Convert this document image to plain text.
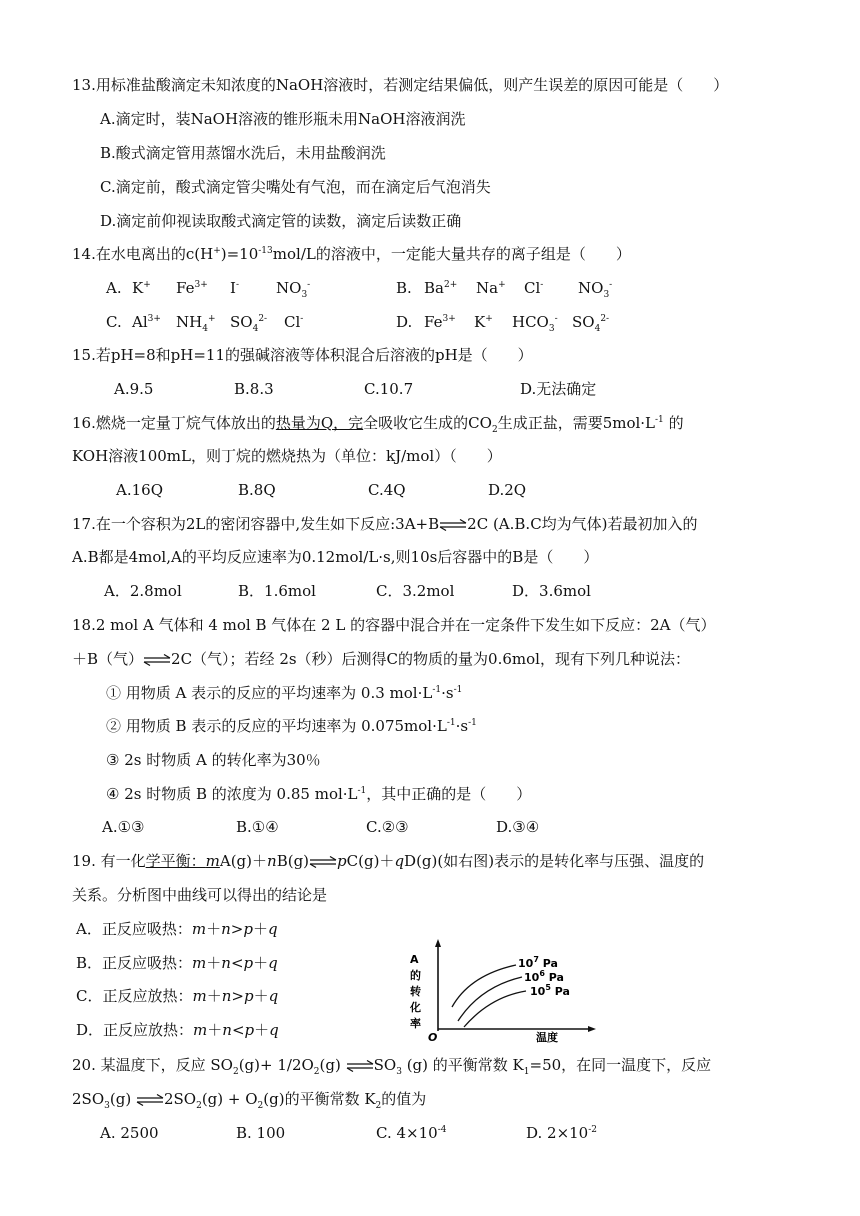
13.用标准盐酸滴定未知浓度的NaOH溶液时，若测定结果偏低，则产生误差的原因可能是（　　）
A.滴定时，装NaOH溶液的锥形瓶未用NaOH溶液润洗
B.酸式滴定管用蒸馏水洗后，未用盐酸润洗
C.滴定前，酸式滴定管尖嘴处有气泡，而在滴定后气泡消失
D.滴定前仰视读取酸式滴定管的读数，滴定后读数正确
14.在水电离出的$c(H^+)=10^{-13}mol/L$的溶液中，一定能大量共存的离子组是（　　）
A. K+ $Fe^{3+}$ I- $NO_3^-$	B. $Ba^{2+}$ Na+ Cl- $NO_3^-$
C. $Al^{3+}$ $NH_4^+$ $SO_4^{2-}$ Cl-	D. $Fe^{3+}$ K+ $HCO_3^-$ $SO_4^{2-}$
15.若pH=8和pH=11的强碱溶液等体积混合后溶液的pH是（　　）
A.9.5	B.8.3	C.10.7	D.无法确定
16.燃烧一定量丁烷气体放出的热量为Q，完全吸收它生成的$CO_2$生成正盐，需要$5mol\cdot L^{-1}$ 的
KOH溶液100mL，则丁烷的燃烧热为（单位：kJ/mol）（　　）
A.16Q	B.8Q	C.4Q	D.2Q
17.在一个容积为2L的密闭容器中,发生如下反应:3A+B 2C (A.B.C均为气体)若最初加入的
A.B都是4mol,A的平均反应速率为0.12mol/L·s,则10s后容器中的B是（　　）
A．2.8mol	B．1.6mol	C．3.2mol	D．3.6mol
18.2 mol A 气体和 4 mol B 气体在 2 L 的容器中混合并在一定条件下发生如下反应：2A（气）
＋B（气） 2C（气）；若经 2s（秒）后测得C的物质的量为0.6mol，现有下列几种说法：
① 用物质 A 表示的反应的平均速率为 0.3 $mol\cdot L^{-1}\cdot s^{-1}$
② 用物质 B 表示的反应的平均速率为 $0.075mol\cdot L^{-1}\cdot s^{-1}$
③ 2s 时物质 A 的转化率为30％
④ 2s 时物质 B 的浓度为 0.85 $mol\cdot L^{-1}$，其中正确的是（　　）
A.①③	B.①④	C.②③	D.③④
19. 有一化学平衡：mA(g)＋nB(g) pC(g)＋qD(g)(如右图)表示的是转化率与压强、温度的
关系。分析图中曲线可以得出的结论是
A．正反应吸热：m＋n>p＋q
B．正反应吸热：m＋n<p＋q
C．正反应放热：m＋n>p＋q
D．正反应放热：m＋n<p＋q
A
的
转
化
率
O	温度
$10^7$ Pa
$10^6$ Pa
$10^5$ Pa
20. 某温度下，反应 $SO_2(g)+ 1/2O_2(g)$ $SO_3$ (g) 的平衡常数 $K_1=50$，在同一温度下，反应
$2SO_3(g) 2SO_2(g) + O_2(g)$的平衡常数 $K_2$的值为
A. 2500	B. 100	C. $4\times 10^{-4}$	D. $2\times 10^{-2}$
